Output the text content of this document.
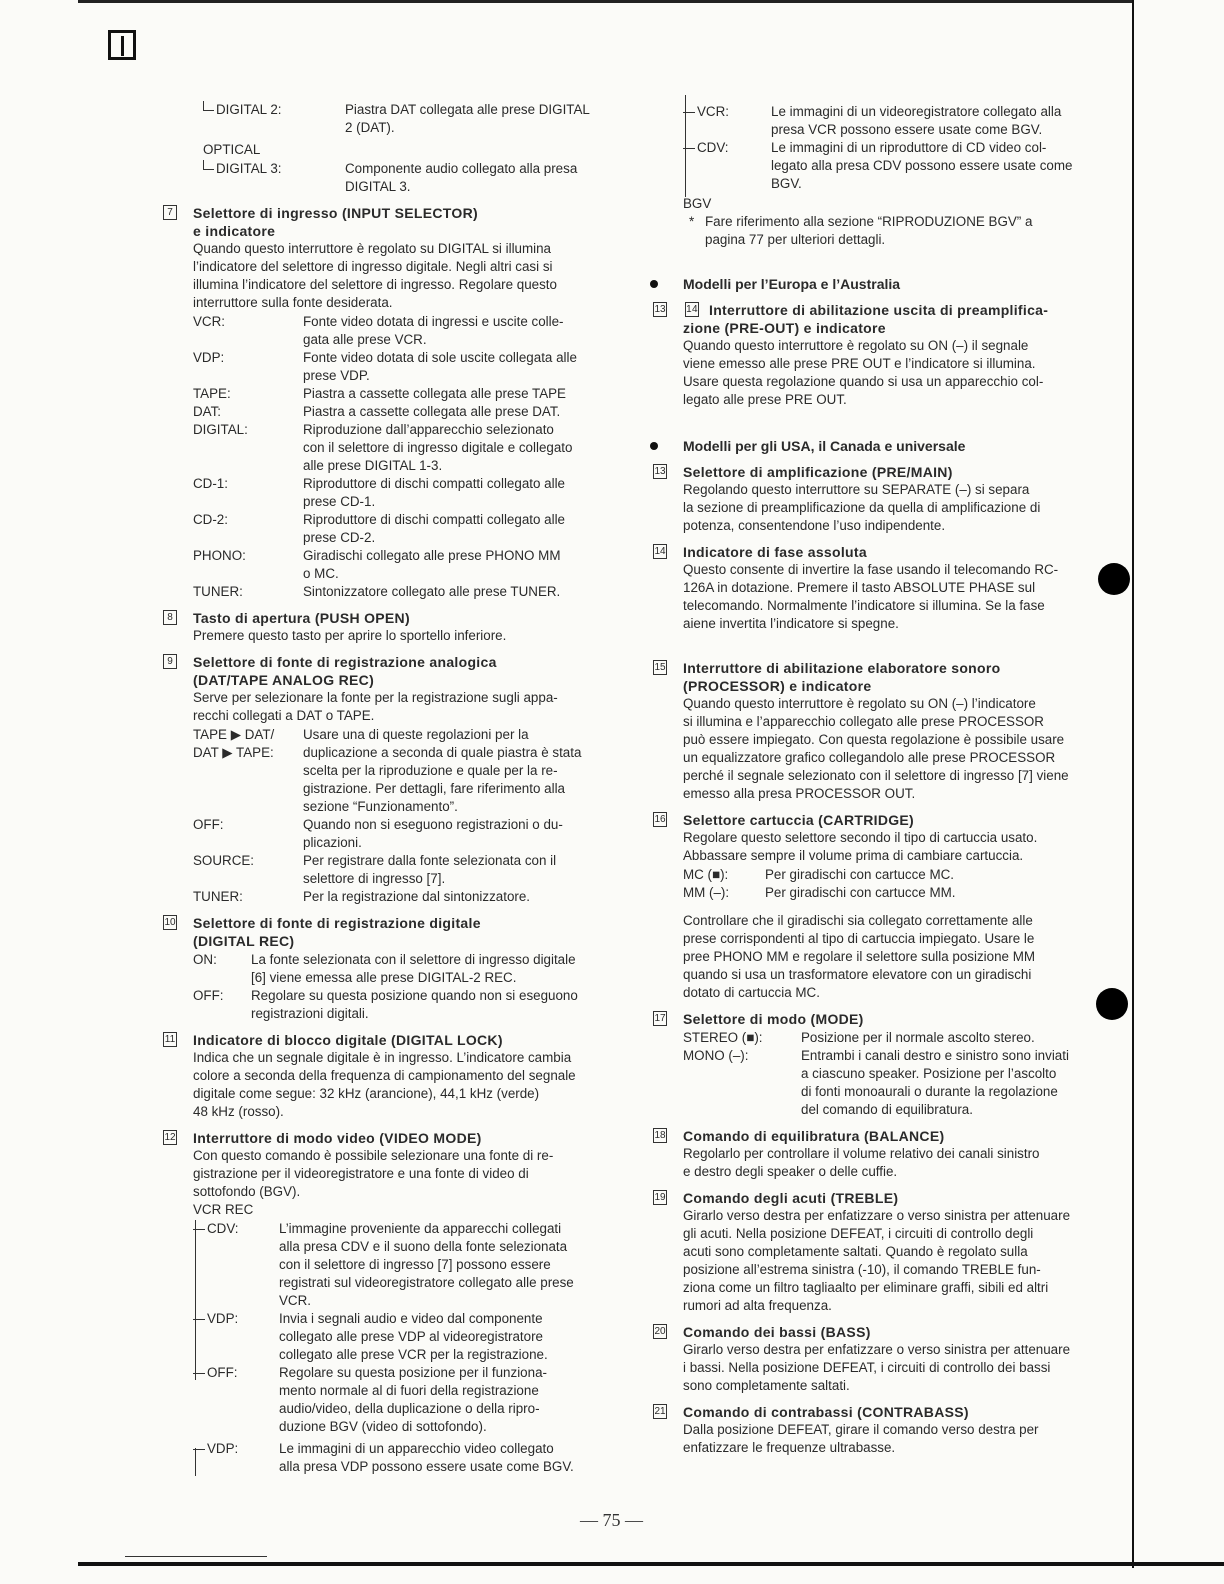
DIGITAL 2:	Piastra DAT collegata alle prese DIGITAL
2 (DAT).
OPTICAL
DIGITAL 3:	Componente audio collegato alla presa
DIGITAL 3.
7	Selettore di ingresso (INPUT SELECTOR)
e indicatore
Quando questo interruttore è regolato su DIGITAL si illumina
l’indicatore del selettore di ingresso digitale. Negli altri casi si
illumina l’indicatore del selettore di ingresso. Regolare questo
interruttore sulla fonte desiderata.
VCR:	Fonte video dotata di ingressi e uscite colle-
gata alle prese VCR.
VDP:	Fonte video dotata di sole uscite collegata alle
prese VDP.
TAPE:	Piastra a cassette collegata alle prese TAPE
DAT:	Piastra a cassette collegata alle prese DAT.
DIGITAL:	Riproduzione dall’apparecchio selezionato
con il selettore di ingresso digitale e collegato
alle prese DIGITAL 1-3.
CD-1:	Riproduttore di dischi compatti collegato alle
prese CD-1.
CD-2:	Riproduttore di dischi compatti collegato alle
prese CD-2.
PHONO:	Giradischi collegato alle prese PHONO MM
o MC.
TUNER:	Sintonizzatore collegato alle prese TUNER.
8	Tasto di apertura (PUSH OPEN)
Premere questo tasto per aprire lo sportello inferiore.
9	Selettore di fonte di registrazione analogica
(DAT/TAPE ANALOG REC)
Serve per selezionare la fonte per la registrazione sugli appa-
recchi collegati a DAT o TAPE.
TAPE ▶ DAT/	Usare una di queste regolazioni per la
DAT ▶ TAPE:	duplicazione a seconda di quale piastra è stata
scelta per la riproduzione e quale per la re-
gistrazione. Per dettagli, fare riferimento alla
sezione “Funzionamento”.
OFF:	Quando non si eseguono registrazioni o du-
plicazioni.
SOURCE:	Per registrare dalla fonte selezionata con il
selettore di ingresso [7].
TUNER:	Per la registrazione dal sintonizzatore.
10 Selettore di fonte di registrazione digitale
(DIGITAL REC)
ON:	La fonte selezionata con il selettore di ingresso digitale
[6] viene emessa alle prese DIGITAL-2 REC.
OFF:	Regolare su questa posizione quando non si eseguono
registrazioni digitali.
11 Indicatore di blocco digitale (DIGITAL LOCK)
Indica che un segnale digitale è in ingresso. L’indicatore cambia
colore a seconda della frequenza di campionamento del segnale
digitale come segue: 32 kHz (arancione), 44,1 kHz (verde)
48 kHz (rosso).
12 Interruttore di modo video (VIDEO MODE)
Con questo comando è possibile selezionare una fonte di re-
gistrazione per il videoregistratore e una fonte di video di
sottofondo (BGV).
VCR REC
CDV:	L’immagine proveniente da apparecchi collegati
alla presa CDV e il suono della fonte selezionata
con il selettore di ingresso [7] possono essere
registrati sul videoregistratore collegato alle prese
VCR.
VDP:	Invia i segnali audio e video dal componente
collegato alle prese VDP al videoregistratore
collegato alle prese VCR per la registrazione.
OFF:	Regolare su questa posizione per il funziona-
mento normale al di fuori della registrazione
audio/video, della duplicazione o della ripro-
duzione BGV (video di sottofondo).
VDP:	Le immagini di un apparecchio video collegato
alla presa VDP possono essere usate come BGV.
VCR:	Le immagini di un videoregistratore collegato alla
presa VCR possono essere usate come BGV.
CDV:	Le immagini di un riproduttore di CD video col-
legato alla presa CDV possono essere usate come
BGV.
BGV
* Fare riferimento alla sezione “RIPRODUZIONE BGV” a
pagina 77 per ulteriori dettagli.
Modelli per l’Europa e l’Australia
13 14 Interruttore di abilitazione uscita di preamplifica-
zione (PRE-OUT) e indicatore
Quando questo interruttore è regolato su ON (‒) il segnale
viene emesso alle prese PRE OUT e l’indicatore si illumina.
Usare questa regolazione quando si usa un apparecchio col-
legato alle prese PRE OUT.
Modelli per gli USA, il Canada e universale
13 Selettore di amplificazione (PRE/MAIN)
Regolando questo interruttore su SEPARATE (‒) si separa
la sezione di preamplificazione da quella di amplificazione di
potenza, consentendone l’uso indipendente.
14 Indicatore di fase assoluta
Questo consente di invertire la fase usando il telecomando RC-
126A in dotazione. Premere il tasto ABSOLUTE PHASE sul
telecomando. Normalmente l’indicatore si illumina. Se la fase
aiene invertita l’indicatore si spegne.
15 Interruttore di abilitazione elaboratore sonoro
(PROCESSOR) e indicatore
Quando questo interruttore è regolato su ON (‒) l’indicatore
si illumina e l’apparecchio collegato alle prese PROCESSOR
può essere impiegato. Con questa regolazione è possibile usare
un equalizzatore grafico collegandolo alle prese PROCESSOR
perché il segnale selezionato con il selettore di ingresso [7] viene
emesso alla presa PROCESSOR OUT.
16 Selettore cartuccia (CARTRIDGE)
Regolare questo selettore secondo il tipo di cartuccia usato.
Abbassare sempre il volume prima di cambiare cartuccia.
MC (■):	Per giradischi con cartucce MC.
MM (‒):	Per giradischi con cartucce MM.
Controllare che il giradischi sia collegato correttamente alle
prese corrispondenti al tipo di cartuccia impiegato. Usare le
pree PHONO MM e regolare il selettore sulla posizione MM
quando si usa un trasformatore elevatore con un giradischi
dotato di cartuccia MC.
17 Selettore di modo (MODE)
STEREO (■):	Posizione per il normale ascolto stereo.
MONO (‒):	Entrambi i canali destro e sinistro sono inviati
a ciascuno speaker. Posizione per l’ascolto
di fonti monoaurali o durante la regolazione
del comando di equilibratura.
18 Comando di equilibratura (BALANCE)
Regolarlo per controllare il volume relativo dei canali sinistro
e destro degli speaker o delle cuffie.
19 Comando degli acuti (TREBLE)
Girarlo verso destra per enfatizzare o verso sinistra per attenuare
gli acuti. Nella posizione DEFEAT, i circuiti di controllo degli
acuti sono completamente saltati. Quando è regolato sulla
posizione all’estrema sinistra (-10), il comando TREBLE fun-
ziona come un filtro tagliaalto per eliminare graffi, sibili ed altri
rumori ad alta frequenza.
20 Comando dei bassi (BASS)
Girarlo verso destra per enfatizzare o verso sinistra per attenuare
i bassi. Nella posizione DEFEAT, i circuiti di controllo dei bassi
sono completamente saltati.
21 Comando di contrabassi (CONTRABASS)
Dalla posizione DEFEAT, girare il comando verso destra per
enfatizzare le frequenze ultrabasse.
— 75 —
